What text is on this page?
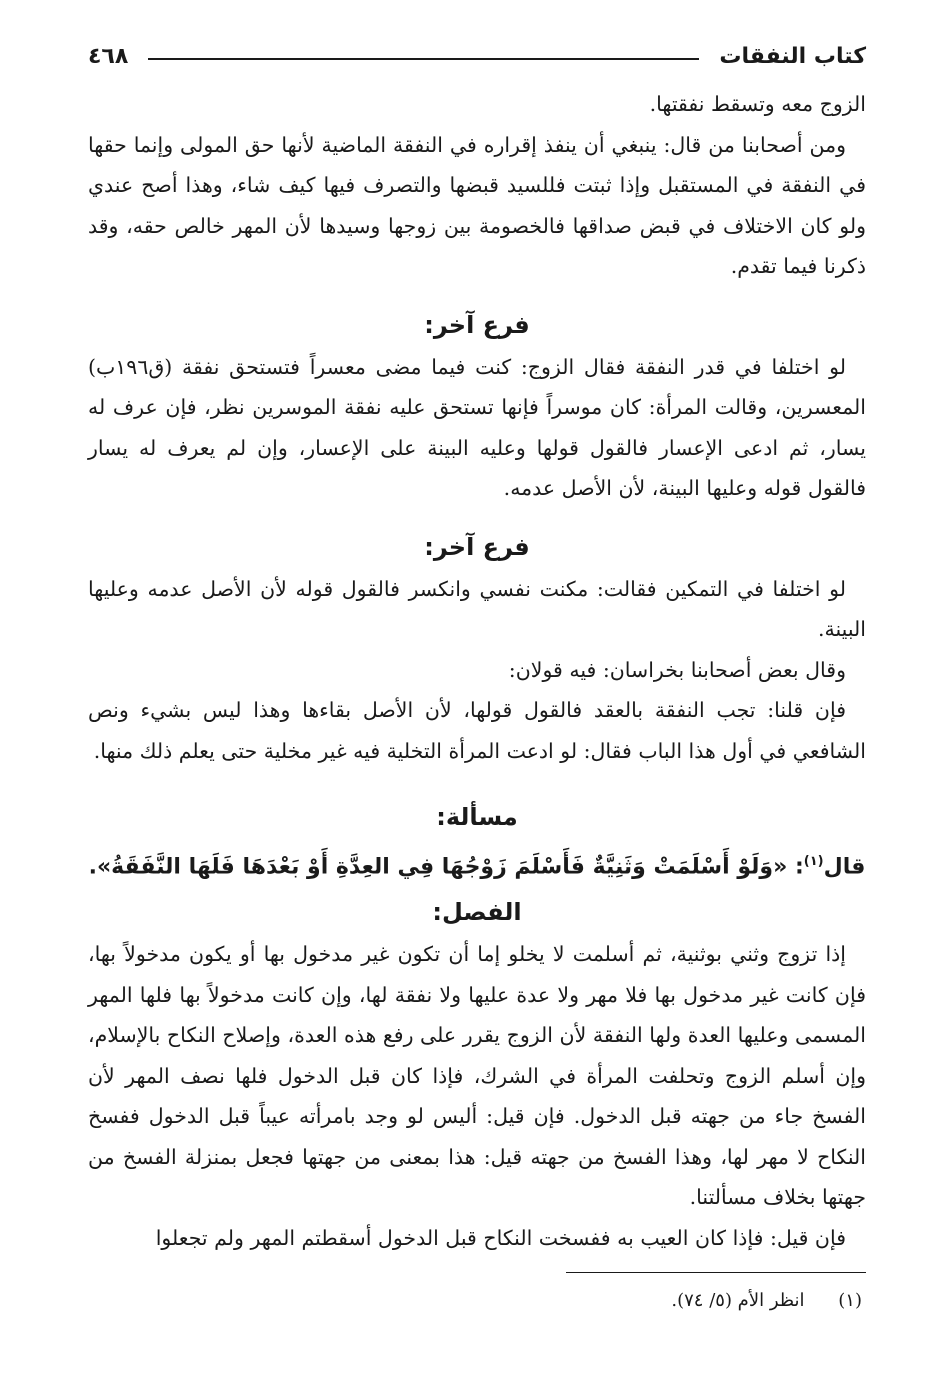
كتاب النفقات
٤٦٨

الزوج معه وتسقط نفقتها.

ومن أصحابنا من قال: ينبغي أن ينفذ إقراره في النفقة الماضية لأنها حق المولى وإنما حقها في النفقة في المستقبل وإذا ثبتت فللسيد قبضها والتصرف فيها كيف شاء، وهذا أصح عندي ولو كان الاختلاف في قبض صداقها فالخصومة بين زوجها وسيدها لأن المهر خالص حقه، وقد ذكرنا فيما تقدم.

فرع آخر:

لو اختلفا في قدر النفقة فقال الزوج: كنت فيما مضى معسراً فتستحق نفقة (ق١٩٦ب) المعسرين، وقالت المرأة: كان موسراً فإنها تستحق عليه نفقة الموسرين نظر، فإن عرف له يسار، ثم ادعى الإعسار فالقول قولها وعليه البينة على الإعسار، وإن لم يعرف له يسار فالقول قوله وعليها البينة، لأن الأصل عدمه.

فرع آخر:

لو اختلفا في التمكين فقالت: مكنت نفسي وانكسر فالقول قوله لأن الأصل عدمه وعليها البينة.

وقال بعض أصحابنا بخراسان: فيه قولان:

فإن قلنا: تجب النفقة بالعقد فالقول قولها، لأن الأصل بقاءها وهذا ليس بشيء ونص الشافعي في أول هذا الباب فقال: لو ادعت المرأة التخلية فيه غير مخلية حتى يعلم ذلك منها.

مسألة:
قال$^{(١)}$: «وَلَوْ أَسْلَمَتْ وَثَنِيَّةٌ فَأَسْلَمَ زَوْجُهَا فِي العِدَّةِ أَوْ بَعْدَهَا فَلَهَا النَّفَقَةُ».
الفصل:

إذا تزوج وثني بوثنية، ثم أسلمت لا يخلو إما أن تكون غير مدخول بها أو يكون مدخولاً بها، فإن كانت غير مدخول بها فلا مهر ولا عدة عليها ولا نفقة لها، وإن كانت مدخولاً بها فلها المهر المسمى وعليها العدة ولها النفقة لأن الزوج يقرر على رفع هذه العدة، وإصلاح النكاح بالإسلام، وإن أسلم الزوج وتحلفت المرأة في الشرك، فإذا كان قبل الدخول فلها نصف المهر لأن الفسخ جاء من جهته قبل الدخول. فإن قيل: أليس لو وجد بامرأته عيباً قبل الدخول ففسخ النكاح لا مهر لها، وهذا الفسخ من جهته قيل: هذا بمعنى من جهتها فجعل بمنزلة الفسخ من جهتها بخلاف مسألتنا.

فإن قيل: فإذا كان العيب به ففسخت النكاح قبل الدخول أسقطتم المهر ولم تجعلوا

(١) انظر الأم (٥/ ٧٤).
